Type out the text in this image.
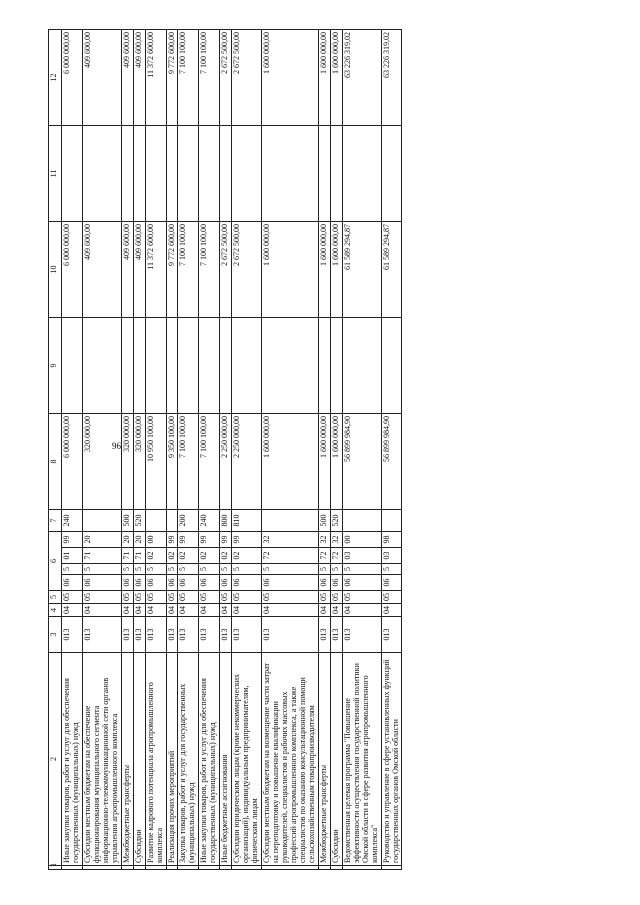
96
1	2	3	4	5	6				7	8	9	10	11	12	
	Иные закупки товаров, работ и услуг для обеспечения государственных (муниципальных) нужд	013	04	05	06	5	01	99	240	6 000 000,00		6 000 000,00		6 000 000,00	
	Субсидии местным бюджетам на обеспечение функционирования муниципального сегмента информационно-телекоммуникационной сети органов управления агропромышленного комплекса	013	04	05	06	5	71	20		320 000,00		409 600,00		409 600,00	
	Межбюджетные трансферты	013	04	05	06	5	71	20	500	320 000,00		409 600,00		409 600,00	
	Субсидии	013	04	05	06	5	71	20	520	320 000,00		409 600,00		409 600,00	
	Развитие кадрового потенциала агропромышленного комплекса	013	04	05	06	5	02	00		10 950 100,00		11 372 600,00		11 372 600,00	
	Реализация прочих мероприятий	013	04	05	06	5	02	99		9 350 100,00		9 772 600,00		9 772 600,00	
	Закупка товаров, работ и услуг для государственных (муниципальных) нужд	013	04	05	06	5	02	99	200	7 100 100,00		7 100 100,00		7 100 100,00	
	Иные закупки товаров, работ и услуг для обеспечения государственных (муниципальных) нужд	013	04	05	06	5	02	99	240	7 100 100,00		7 100 100,00		7 100 100,00	
	Иные бюджетные ассигнования	013	04	05	06	5	02	99	800	2 250 000,00		2 672 500,00		2 672 500,00	
	Субсидии юридическим лицам (кроме некоммерческих организаций), индивидуальным предпринимателям, физическим лицам	013	04	05	06	5	02	99	810	2 250 000,00		2 672 500,00		2 672 500,00	
	Субсидии местным бюджетам на возмещение части затрат на переподготовку и повышение квалификации руководителей, специалистов и рабочих массовых профессий агропромышленного комплекса, а также специалистов по оказанию консультационной помощи сельскохозяйственным товаропроизводителям	013	04	05	06	5	72	32		1 600 000,00		1 600 000,00		1 600 000,00	
	Межбюджетные трансферты	013	04	05	06	5	72	32	500	1 600 000,00		1 600 000,00		1 600 000,00	
	Субсидии	013	04	05	06	5	72	32	520	1 600 000,00		1 600 000,00		1 600 000,00	
	Ведомственная целевая программа "Повышение эффективности осуществления государственной политики Омской области в сфере развития агропромышленного комплекса"	013	04	05	06	5	03	00		56 899 984,90		61 589 294,87		63 226 319,02	
	Руководство и управление в сфере установленных функций государственных органов Омской области	013	04	05	06	5	03	98		56 899 984,90		61 589 294,87		63 226 319,02	
